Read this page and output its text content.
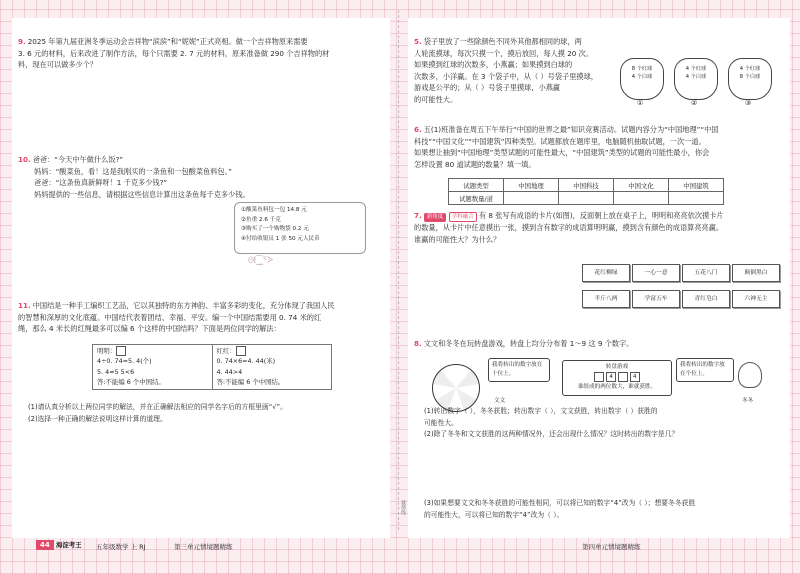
裁剪线
9. 2025 年第九届亚洲冬季运动会吉祥物“滨滨”和“妮妮”正式亮相。做一个吉祥物原来需要
3. 6 元的材料，后来改进了制作方法，每个只需要 2. 7 元的材料，原来准备做 290 个吉祥物的材
料，现在可以做多少个？
10. 爸爸：“今天中午做什么饭?”
妈妈：“酸菜鱼，看！这是我刚买的一条鱼和一包酸菜鱼料包。”
爸爸：“这条鱼真新鲜呀！1 千克多少钱?”
妈妈提供的一些信息，请根据这些信息计算出这条鱼每千克多少钱。
①酸菜鱼料包一包 14.8 元
②鱼重 2.6 千克
③购买了一个购物袋 0.2 元
④付给收银员 1 张 50 元人民币
ᘛ⁐̤ᕐᐷ
11. 中国结是一种手工编织工艺品，它以其独特的东方神韵、丰富多彩的变化，充分体现了我国人民
的智慧和深厚的文化底蕴。中国结代表着团结、幸福、平安。编一个中国结需要用 0. 74 米的红
绳，那么 4 米长的红绳最多可以编 6 个这样的中国结吗？下面是两位同学的解法：
明明：
4÷0. 74≈5. 4(个)
5. 4≈5 5<6
答:不能编 6 个中国结。	红红：
0. 74×6=4. 44(米)
4. 44>4
答:不能编 6 个中国结。
(1)请认真分析以上两位同学的解法，并在正确解法相应的同学名字后的方框里画“√”。
(2)选择一种正确的解法说明这样计算的道理。
5. 袋子里放了一些除颜色不同外其他都相同的球，两
人轮流摸球，每次只摸一个，摸后放回，每人摸 20 次。
如果摸到红球的次数多，小燕赢；如果摸到白球的
次数多，小洋赢。在 3 个袋子中，从（ ）号袋子里摸球，
游戏是公平的；从（ ）号袋子里摸球，小燕赢
的可能性大。
8 个红球
4 个白球
①
4 个红球
4 个白球
②
4 个红球
8 个白球
③
6. 五(1)班准备在周五下午举行“中国的世界之最”知识竞赛活动。试题内容分为“中国地理”“中国
科技”“中国文化”“中国建筑”四种类型。试题都放在题库里，电脑随机抽取试题，一次一道。
如果想让抽到“中国地理”类型试题的可能性最大，“中国建筑”类型的试题的可能性最小，你会
怎样设置 80 道试题的数量？填一填。
试题类型	中国地理	中国科技	中国文化	中国建筑
试题数量/道				
7. 新角度 学科融合 有 8 张写有成语的卡片(如图)，反面朝上放在桌子上，明明和亮亮依次摸卡片
的数量，从卡片中任意摸出一张，摸到含有数字的成语算明明赢，摸到含有颜色的成语算亮亮赢。
谁赢的可能性大？为什么？
花红柳绿	一心一意	五花八门	颠倒黑白
半斤八两	学富五车	青红皂白	六神无主
8. 文文和冬冬在玩转盘游戏，转盘上均分分布着 1～9 这 9 个数字。
我将转出的数字放在十位上。
文文
转盘游戏
4	4
谁组成的两位数大，谁就获胜。
我将转出的数字放在个位上。
冬冬
(1)转出数字（ ），冬冬获胜；转出数字（ ），文文获胜，转出数字（ ）获胜的
可能性大。
(2)除了冬冬和文文获胜的这两种情况外，还会出现什么情况？这时转出的数字是几？
(3)如果想要文文和冬冬获胜的可能性相同，可以将已知的数字“4”改为（ ）；想要冬冬获胜
的可能性大，可以将已知的数字“4”改为（ ）。
44 海淀考王 五年级数学 上 RJ	第三单元情境题精练	第四单元情境题精练
